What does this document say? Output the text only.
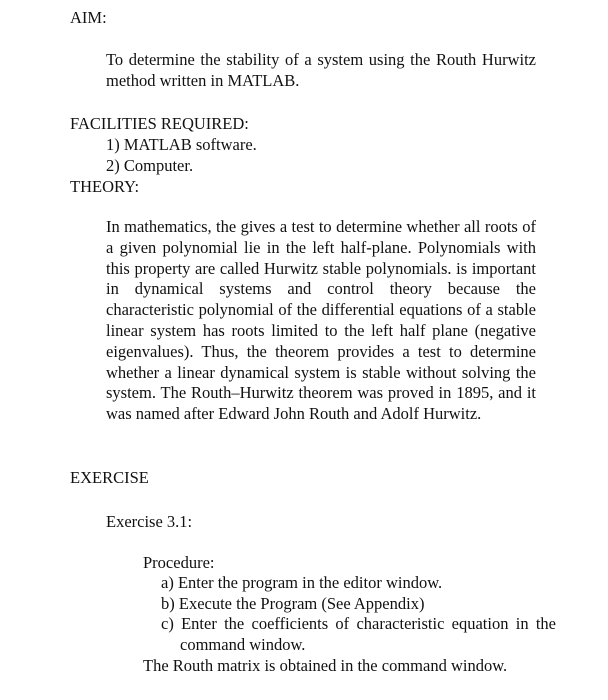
AIM:
To determine the stability of a system using the Routh Hurwitz method written in MATLAB.
FACILITIES REQUIRED:
1) MATLAB software.
2) Computer.
THEORY:
In mathematics, the gives a test to determine whether all roots of a given polynomial lie in the left half-plane. Polynomials with this property are called Hurwitz stable polynomials. is important in dynamical systems and control theory because the characteristic polynomial of the differential equations of a stable linear system has roots limited to the left half plane (negative eigenvalues). Thus, the theorem provides a test to determine whether a linear dynamical system is stable without solving the system. The Routh–Hurwitz theorem was proved in 1895, and it was named after Edward John Routh and Adolf Hurwitz.
EXERCISE
Exercise 3.1:
Procedure:
a) Enter the program in the editor window.
b) Execute the Program (See Appendix)
c) Enter the coefficients of characteristic equation in the command window.
The Routh matrix is obtained in the command window.
